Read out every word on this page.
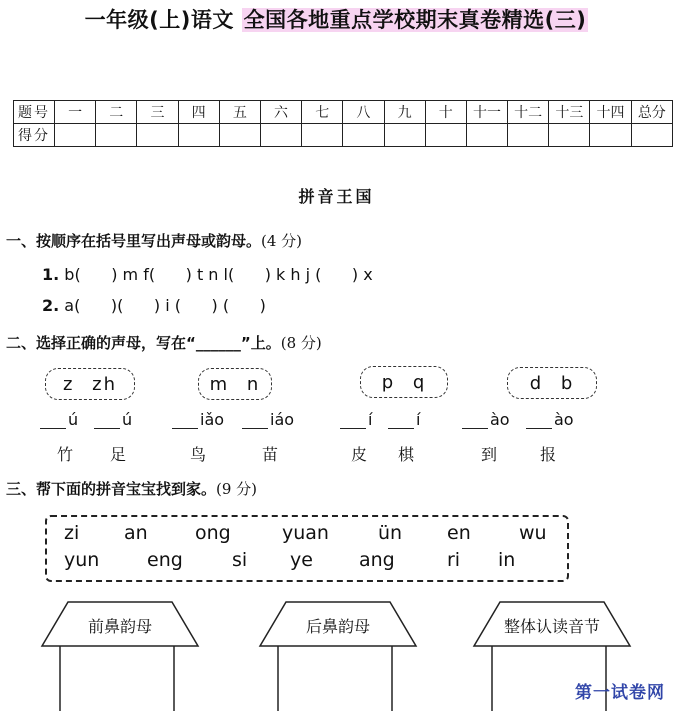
一年级(上)语文 全国各地重点学校期末真卷精选(三)
题号	一	二	三	四	五	六	七	八	九	十	十一	十二	十三	十四	总分
得分															
拼音王国
一、按顺序在括号里写出声母或韵母。(4 分)
1. b(      ) m f(      ) t n l(      ) k h j (      ) x
2. a(      )(      ) i (      ) (      )
二、选择正确的声母，写在“______”上。(8 分)
z zh	m n	p q	d b
ú	ú	iǎo	iáo	í	í	ào	ào
竹 足	鸟	苗	皮 棋	到	报
三、帮下面的拼音宝宝找到家。(9 分)
zi an ong	yuan	ün en	wu
yun	eng	si ye ang	ri in
前鼻韵母	后鼻韵母	整体认读音节
第一试卷网
